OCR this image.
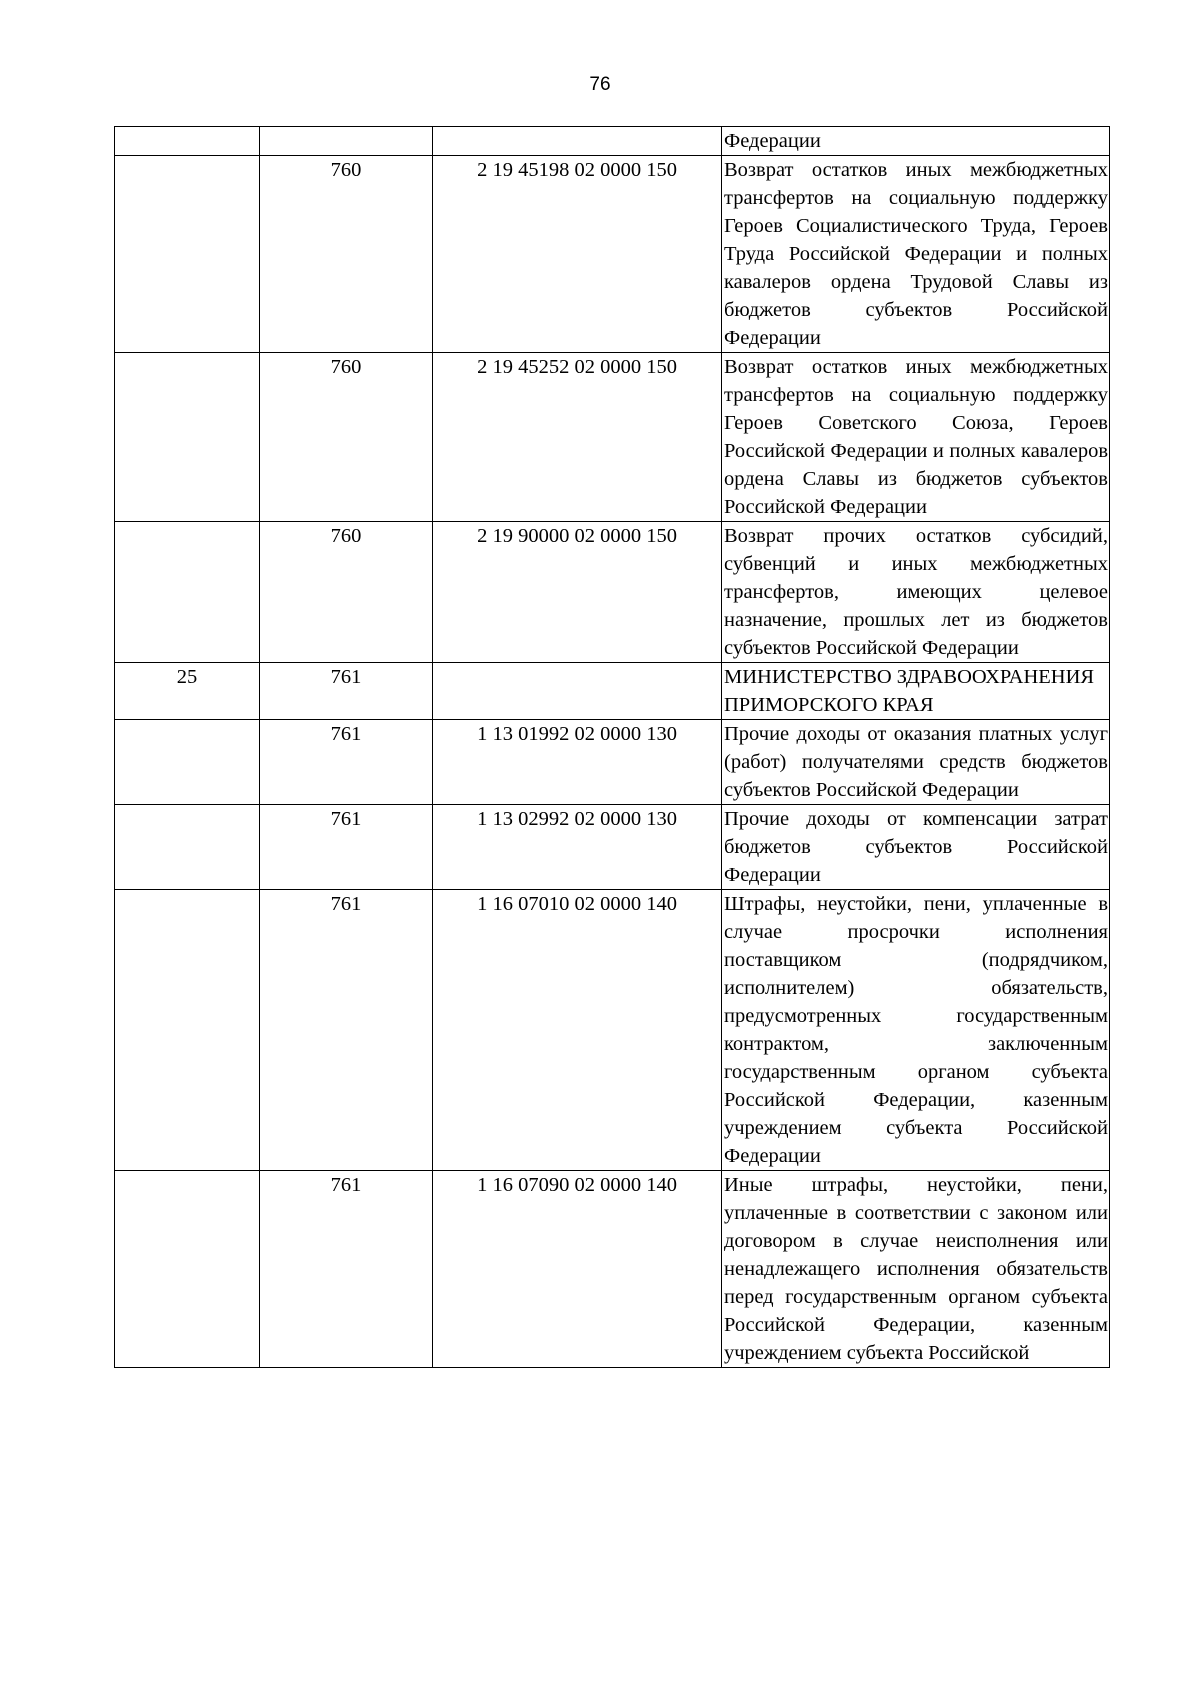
76
			Федерации
	760	2 19 45198 02 0000 150	Возврат остатков иных межбюджетных трансфертов на социальную поддержку Героев Социалистического Труда, Героев Труда Российской Федерации и полных кавалеров ордена Трудовой Славы из бюджетов субъектов Российской Федерации
	760	2 19 45252 02 0000 150	Возврат остатков иных межбюджетных трансфертов на социальную поддержку Героев Советского Союза, Героев Российской Федерации и полных кавалеров ордена Славы из бюджетов субъектов Российской Федерации
	760	2 19 90000 02 0000 150	Возврат прочих остатков субсидий, субвенций и иных межбюджетных трансфертов, имеющих целевое назначение, прошлых лет из бюджетов субъектов Российской Федерации
25	761		МИНИСТЕРСТВО ЗДРАВООХРАНЕНИЯ ПРИМОРСКОГО КРАЯ
	761	1 13 01992 02 0000 130	Прочие доходы от оказания платных услуг (работ) получателями средств бюджетов субъектов Российской Федерации
	761	1 13 02992 02 0000 130	Прочие доходы от компенсации затрат бюджетов субъектов Российской Федерации
	761	1 16 07010 02 0000 140	Штрафы, неустойки, пени, уплаченные в случае просрочки исполнения поставщиком (подрядчиком, исполнителем) обязательств, предусмотренных государственным контрактом, заключенным государственным органом субъекта Российской Федерации, казенным учреждением субъекта Российской Федерации
	761	1 16 07090 02 0000 140	Иные штрафы, неустойки, пени, уплаченные в соответствии с законом или договором в случае неисполнения или ненадлежащего исполнения обязательств перед государственным органом субъекта Российской Федерации, казенным учреждением субъекта Российской
